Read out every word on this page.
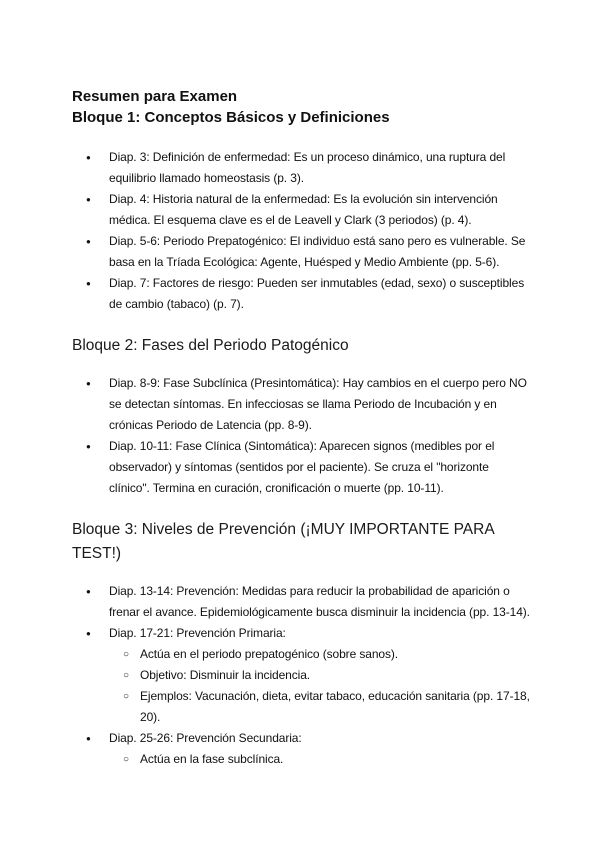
Resumen para Examen
Bloque 1: Conceptos Básicos y Definiciones
● Diap. 3: Definición de enfermedad: Es un proceso dinámico, una ruptura del equilibrio llamado homeostasis (p. 3).
● Diap. 4: Historia natural de la enfermedad: Es la evolución sin intervención médica. El esquema clave es el de Leavell y Clark (3 periodos) (p. 4).
● Diap. 5-6: Periodo Prepatogénico: El individuo está sano pero es vulnerable. Se basa en la Tríada Ecológica: Agente, Huésped y Medio Ambiente (pp. 5-6).
● Diap. 7: Factores de riesgo: Pueden ser inmutables (edad, sexo) o susceptibles de cambio (tabaco) (p. 7).
Bloque 2: Fases del Periodo Patogénico
● Diap. 8-9: Fase Subclínica (Presintomática): Hay cambios en el cuerpo pero NO se detectan síntomas. En infecciosas se llama Periodo de Incubación y en crónicas Periodo de Latencia (pp. 8-9).
● Diap. 10-11: Fase Clínica (Sintomática): Aparecen signos (medibles por el observador) y síntomas (sentidos por el paciente). Se cruza el "horizonte clínico". Termina en curación, cronificación o muerte (pp. 10-11).
Bloque 3: Niveles de Prevención (¡MUY IMPORTANTE PARA TEST!)
● Diap. 13-14: Prevención: Medidas para reducir la probabilidad de aparición o frenar el avance. Epidemiológicamente busca disminuir la incidencia (pp. 13-14).
● Diap. 17-21: Prevención Primaria:
○ Actúa en el periodo prepatogénico (sobre sanos).
○ Objetivo: Disminuir la incidencia.
○ Ejemplos: Vacunación, dieta, evitar tabaco, educación sanitaria (pp. 17-18, 20).
● Diap. 25-26: Prevención Secundaria:
○ Actúa en la fase subclínica.
